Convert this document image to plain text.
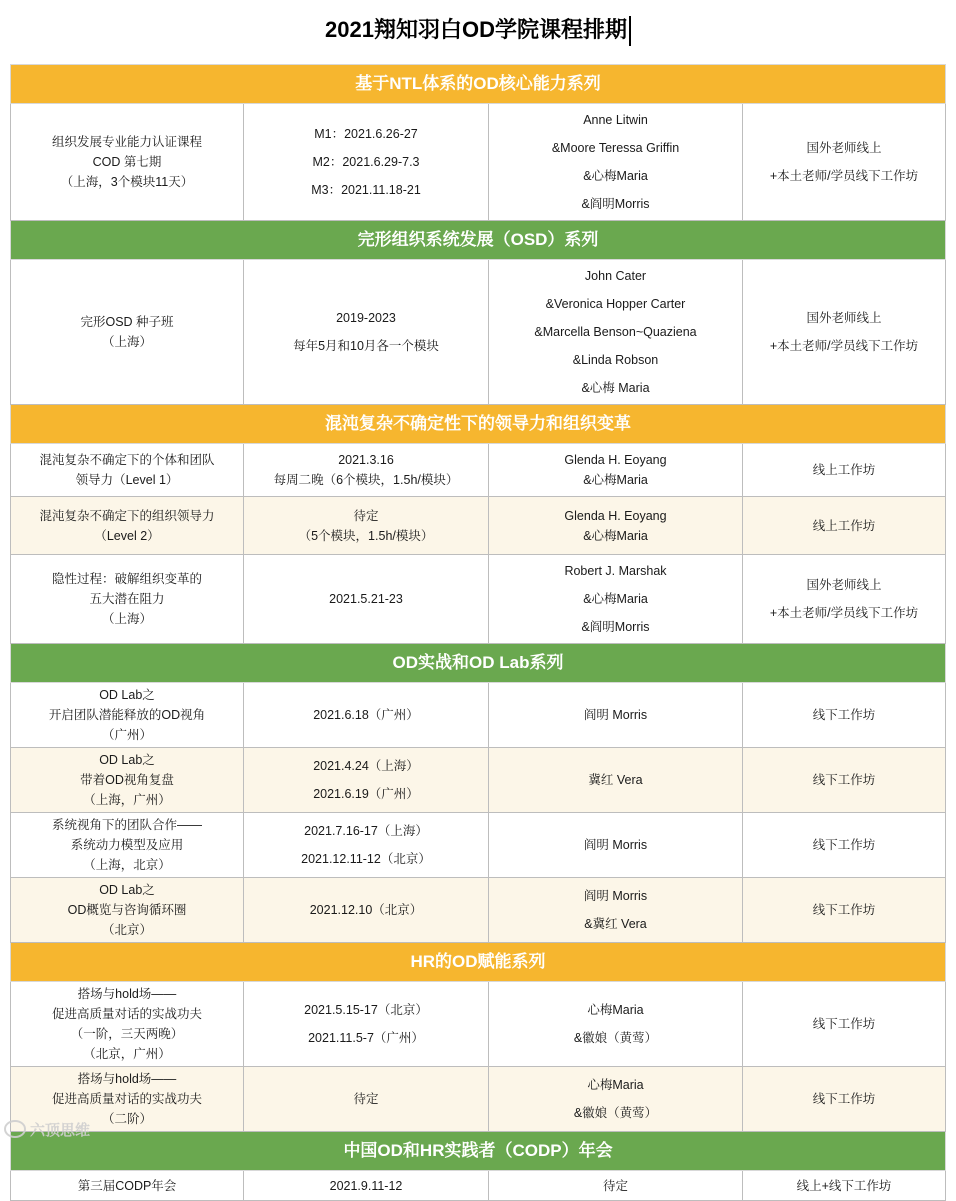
2021翔知羽白OD学院课程排期
基于NTL体系的OD核心能力系列			

组织发展专业能力认证课程
COD 第七期
（上海，3个模块11天）	M1：2021.6.26-27
M2：2021.6.29-7.3
M3：2021.11.18-21	Anne Litwin
&Moore Teressa Griffin
&心梅Maria
&阎明Morris	国外老师线上
+本土老师/学员线下工作坊

完形组织系统发展（OSD）系列			

完形OSD 种子班
（上海）	2019-2023
每年5月和10月各一个模块	John Cater
&Veronica Hopper Carter
&Marcella Benson~Quaziena
&Linda Robson
&心梅 Maria	国外老师线上
+本土老师/学员线下工作坊

混沌复杂不确定性下的领导力和组织变革			

混沌复杂不确定下的个体和团队
领导力（Level 1）	2021.3.16
每周二晚（6个模块，1.5h/模块）	Glenda H. Eoyang
&心梅Maria	线上工作坊

混沌复杂不确定下的组织领导力
（Level 2）	待定
（5个模块，1.5h/模块）	Glenda H. Eoyang
&心梅Maria	线上工作坊

隐性过程：破解组织变革的
五大潜在阻力
（上海）	2021.5.21-23	Robert J. Marshak
&心梅Maria
&阎明Morris	国外老师线上
+本土老师/学员线下工作坊

OD实战和OD Lab系列			

OD Lab之
开启团队潜能释放的OD视角
（广州）	2021.6.18（广州）	阎明 Morris	线下工作坊

OD Lab之
带着OD视角复盘
（上海，广州）	2021.4.24（上海）
2021.6.19（广州）	冀红 Vera	线下工作坊

系统视角下的团队合作——
系统动力模型及应用
（上海，北京）	2021.7.16-17（上海）
2021.12.11-12（北京）	阎明 Morris	线下工作坊

OD Lab之
OD概览与咨询循环圈
（北京）	2021.12.10（北京）	阎明 Morris
&冀红 Vera	线下工作坊

HR的OD赋能系列			

搭场与hold场——
促进高质量对话的实战功夫
（一阶，三天两晚）
（北京，广州）	2021.5.15-17（北京）
2021.11.5-7（广州）	心梅Maria
&徽娘（黄莺）	线下工作坊

搭场与hold场——
促进高质量对话的实战功夫
（二阶）	待定	心梅Maria
&徽娘（黄莺）	线下工作坊

中国OD和HR实践者（CODP）年会			

第三届CODP年会	2021.9.11-12	待定	线上+线下工作坊
六顶思维
